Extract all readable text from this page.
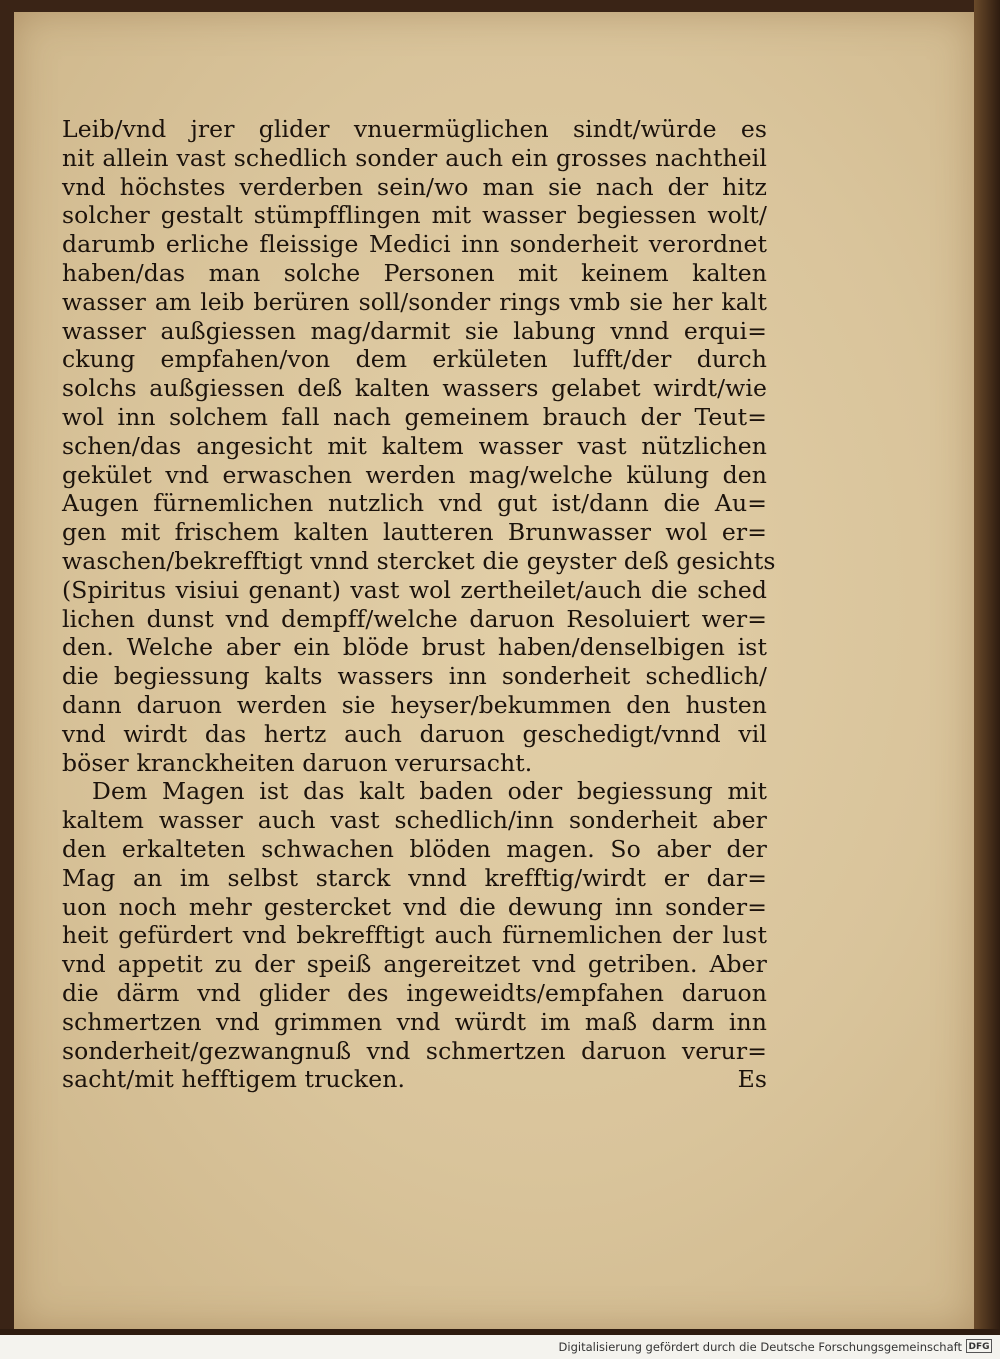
Leib/vnd jrer glider vnuermüglichen sindt/würde es
nit allein vast schedlich sonder auch ein grosses nachtheil
vnd höchstes verderben sein/wo man sie nach der hitz
solcher gestalt stümpfflingen mit wasser begiessen wolt/
darumb erliche fleissige Medici inn sonderheit verordnet
haben/das man solche Personen mit keinem kalten
wasser am leib berüren soll/sonder rings vmb sie her kalt
wasser außgiessen mag/darmit sie labung vnnd erqui=
ckung empfahen/von dem erkületen lufft/der durch
solchs außgiessen deß kalten wassers gelabet wirdt/wie
wol inn solchem fall nach gemeinem brauch der Teut=
schen/das angesicht mit kaltem wasser vast nützlichen
gekület vnd erwaschen werden mag/welche külung den
Augen fürnemlichen nutzlich vnd gut ist/dann die Au=
gen mit frischem kalten lautteren Brunwasser wol er=
waschen/bekrefftigt vnnd stercket die geyster deß gesichts
(Spiritus visiui genant) vast wol zertheilet/auch die sched
lichen dunst vnd dempff/welche daruon Resoluiert wer=
den. Welche aber ein blöde brust haben/denselbigen ist
die begiessung kalts wassers inn sonderheit schedlich/
dann daruon werden sie heyser/bekummen den husten
vnd wirdt das hertz auch daruon geschedigt/vnnd vil
böser kranckheiten daruon verursacht.
Dem Magen ist das kalt baden oder begiessung mit
kaltem wasser auch vast schedlich/inn sonderheit aber
den erkalteten schwachen blöden magen. So aber der
Mag an im selbst starck vnnd krefftig/wirdt er dar=
uon noch mehr gestercket vnd die dewung inn sonder=
heit gefürdert vnd bekrefftigt auch fürnemlichen der lust
vnd appetit zu der speiß angereitzet vnd getriben. Aber
die därm vnd glider des ingeweidts/empfahen daruon
schmertzen vnd grimmen vnd würdt im maß darm inn
sonderheit/gezwangnuß vnd schmertzen daruon verur=
sacht/mit hefftigem trucken.	Es
Digitalisierung gefördert durch die Deutsche Forschungsgemeinschaft DFG
